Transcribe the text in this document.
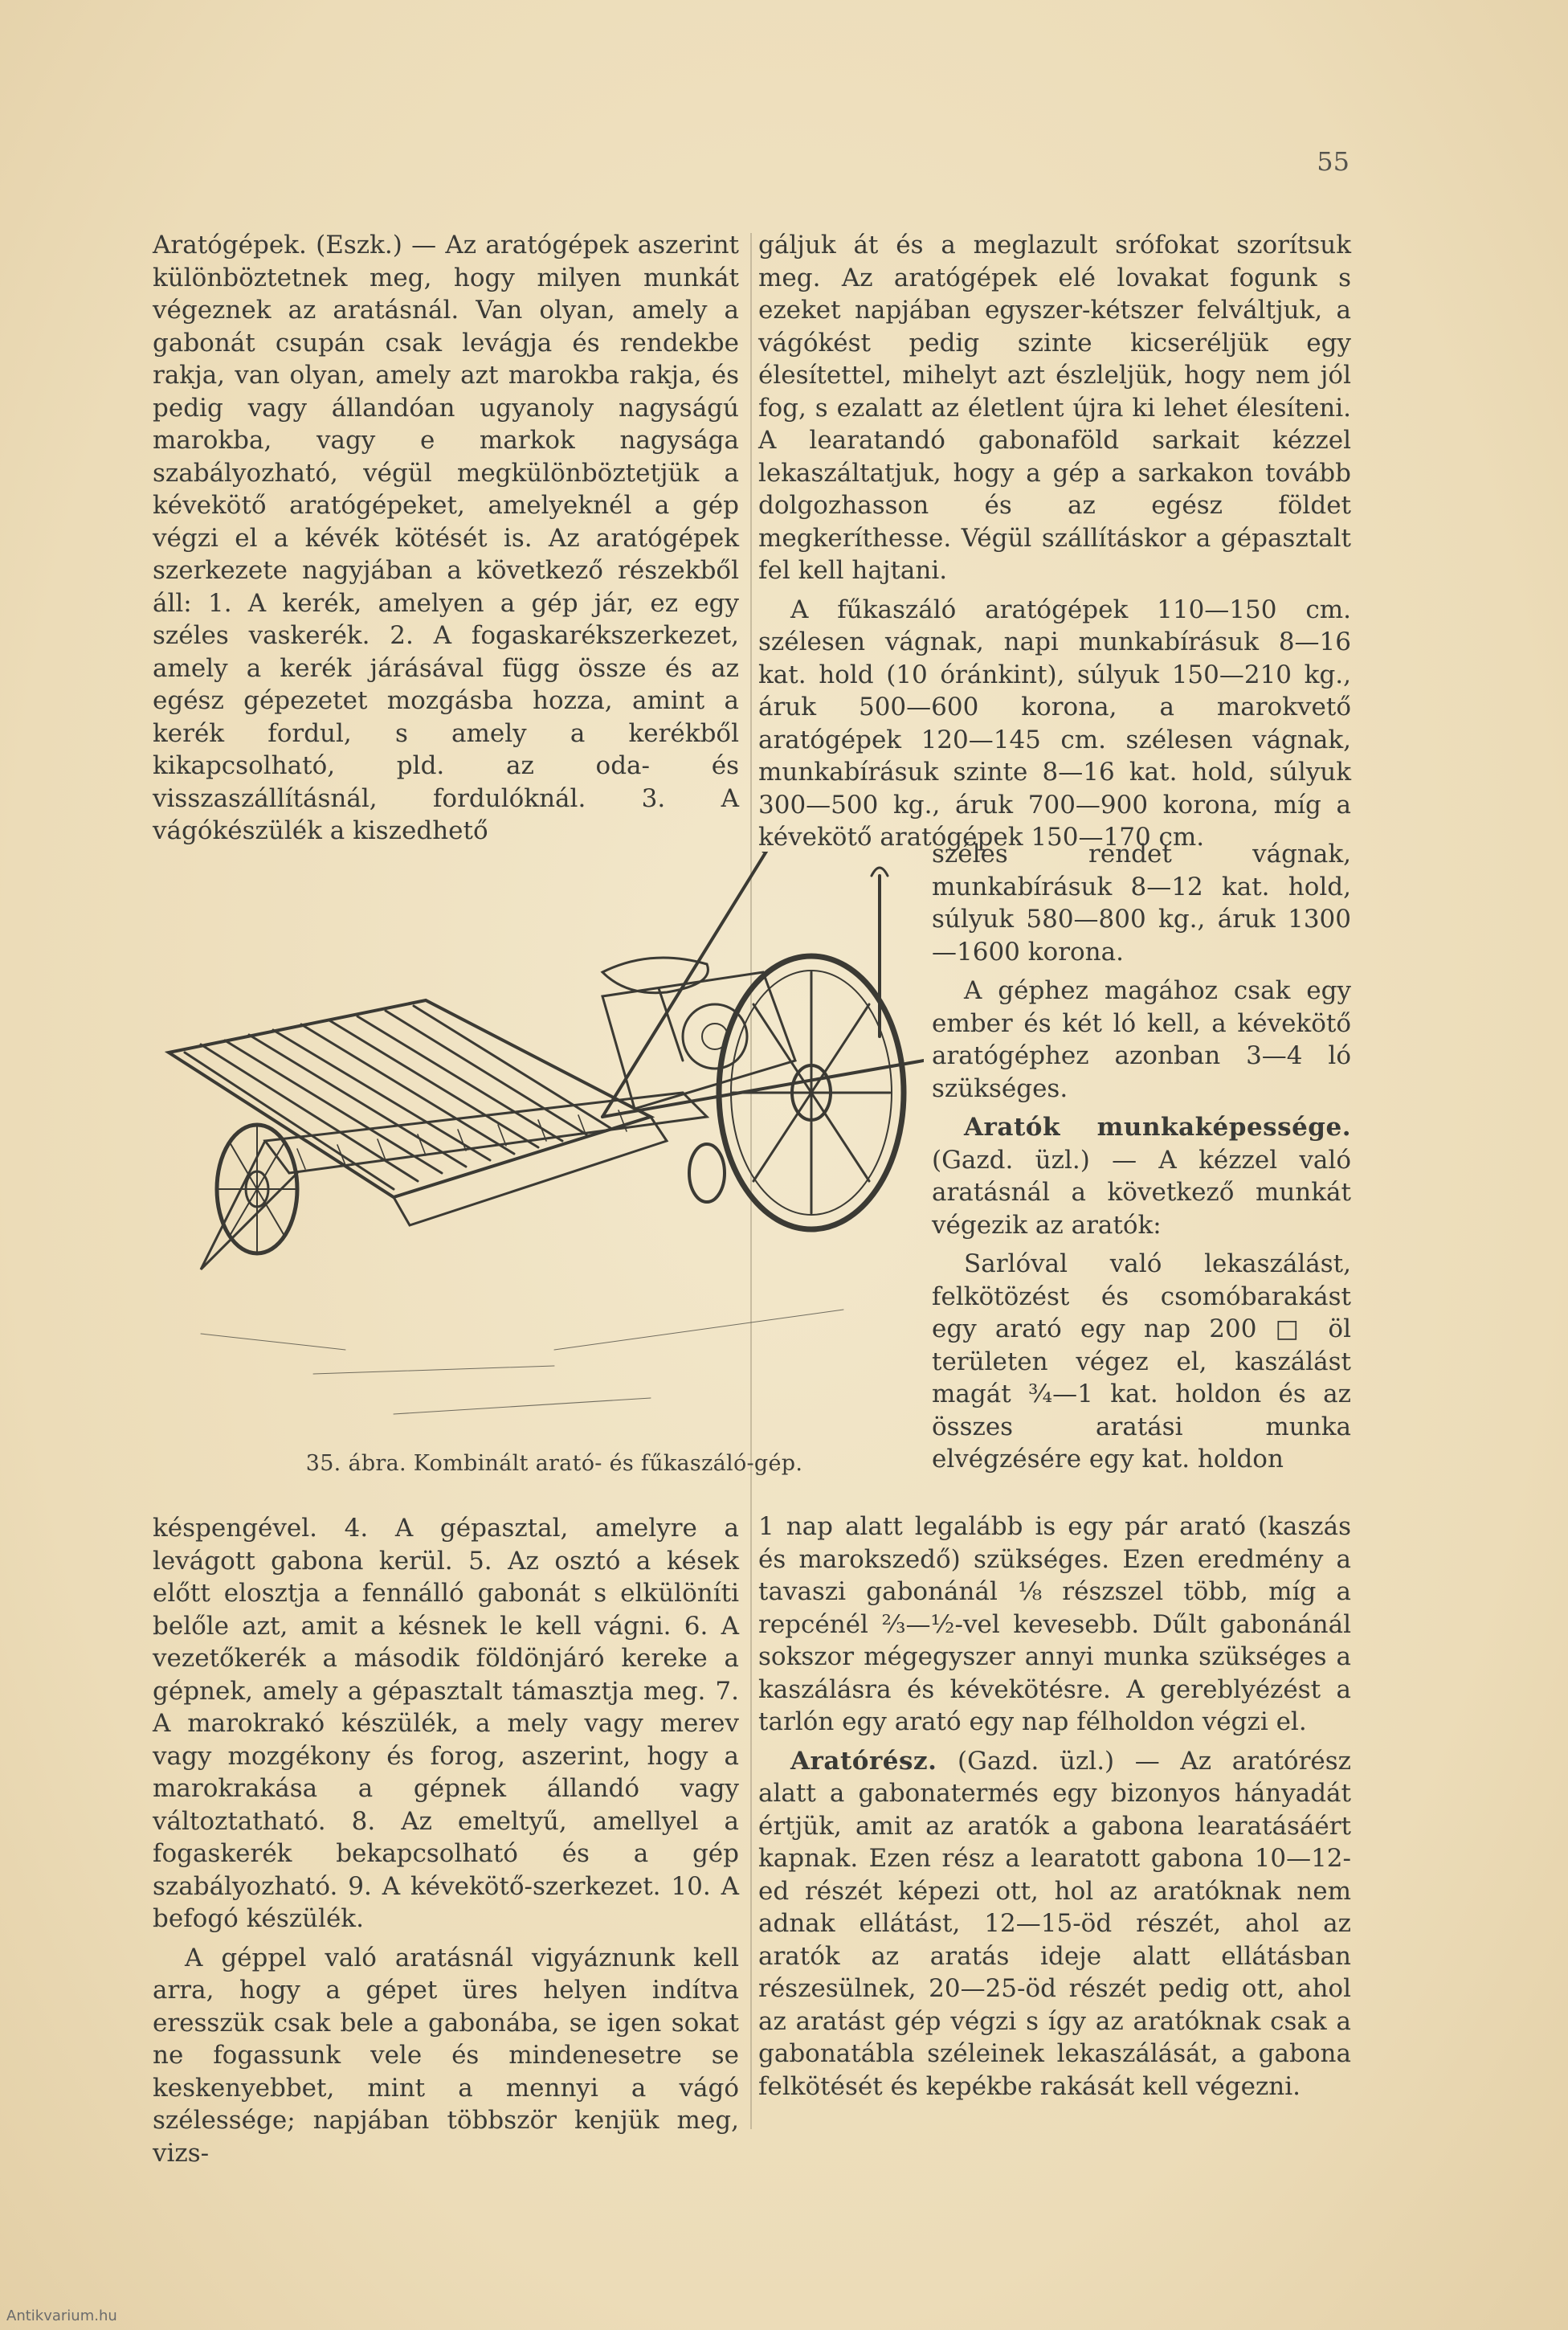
55

Aratógépek. (Eszk.) — Az aratógépek aszerint különböztetnek meg, hogy milyen munkát végeznek az aratásnál. Van olyan, amely a gabonát csupán csak levágja és rendekbe rakja, van olyan, amely azt marokba rakja, és pedig vagy állandóan ugyanoly nagyságú marokba, vagy e markok nagysága szabályozható, végül megkülönböztetjük a kévekötő aratógépeket, amelyeknél a gép végzi el a kévék kötését is. Az aratógépek szerkezete nagyjában a következő részekből áll: 1. A kerék, amelyen a gép jár, ez egy széles vaskerék. 2. A fogaskarékszerkezet, amely a kerék járásával függ össze és az egész gépezetet mozgásba hozza, amint a kerék fordul, s amely a kerékből kikapcsolható, pld. az oda- és visszaszállításnál, fordulóknál. 3. A vágókészülék a kiszedhető

gáljuk át és a meglazult srófokat szorítsuk meg. Az aratógépek elé lovakat fogunk s ezeket napjában egyszer-kétszer felváltjuk, a vágókést pedig szinte kicseréljük egy élesítettel, mihelyt azt észleljük, hogy nem jól fog, s ezalatt az életlent újra ki lehet élesíteni. A learatandó gabonaföld sarkait kézzel lekaszáltatjuk, hogy a gép a sarkakon tovább dolgozhasson és az egész földet megkeríthesse. Végül szállításkor a gépasztalt fel kell hajtani.

A fűkaszáló aratógépek 110—150 cm. szélesen vágnak, napi munkabírásuk 8—16 kat. hold (10 óránkint), súlyuk 150—210 kg., áruk 500—600 korona, a marokvető aratógépek 120—145 cm. szélesen vágnak, munkabírásuk szinte 8—16 kat. hold, súlyuk 300—500 kg., áruk 700—900 korona, míg a kévekötő aratógépek 150—170 cm.

széles rendet vágnak, munkabírásuk 8—12 kat. hold, súlyuk 580—800 kg., áruk 1300—1600 korona.

A géphez magához csak egy ember és két ló kell, a kévekötő aratógéphez azonban 3—4 ló szükséges.

Aratók munkaképessége. (Gazd. üzl.) — A kézzel való aratásnál a következő munkát végezik az aratók:

Sarlóval való lekaszálást, felkötözést és csomóbarakást egy arató egy nap 200 □ öl területen végez el, kaszálást magát ¾—1 kat. holdon és az összes aratási munka elvégzésére egy kat. holdon

35. ábra. Kombinált arató- és fűkaszáló-gép.

késpengével. 4. A gépasztal, amelyre a levágott gabona kerül. 5. Az osztó a kések előtt elosztja a fennálló gabonát s elkülöníti belőle azt, amit a késnek le kell vágni. 6. A vezetőkerék a második földönjáró kereke a gépnek, amely a gépasztalt támasztja meg. 7. A marokrakó készülék, a mely vagy merev vagy mozgékony és forog, aszerint, hogy a marokrakása a gépnek állandó vagy változtatható. 8. Az emeltyű, amellyel a fogaskerék bekapcsolható és a gép szabályozható. 9. A kévekötő-szerkezet. 10. A befogó készülék.

A géppel való aratásnál vigyáznunk kell arra, hogy a gépet üres helyen indítva eresszük csak bele a gabonába, se igen sokat ne fogassunk vele és mindenesetre se keskenyebbet, mint a mennyi a vágó szélessége; napjában többször kenjük meg, vizs-

1 nap alatt legalább is egy pár arató (kaszás és marokszedő) szükséges. Ezen eredmény a tavaszi gabonánál ⅛ részszel több, míg a repcénél ⅔—½-vel kevesebb. Dűlt gabonánál sokszor mégegyszer annyi munka szükséges a kaszálásra és kévekötésre. A gereblyézést a tarlón egy arató egy nap félholdon végzi el.

Aratórész. (Gazd. üzl.) — Az aratórész alatt a gabonatermés egy bizonyos hányadát értjük, amit az aratók a gabona learatásáért kapnak. Ezen rész a learatott gabona 10—12-ed részét képezi ott, hol az aratóknak nem adnak ellátást, 12—15-öd részét, ahol az aratók az aratás ideje alatt ellátásban részesülnek, 20—25-öd részét pedig ott, ahol az aratást gép végzi s így az aratóknak csak a gabonatábla széleinek lekaszálását, a gabona felkötését és kepékbe rakását kell végezni.

Antikvarium.hu
